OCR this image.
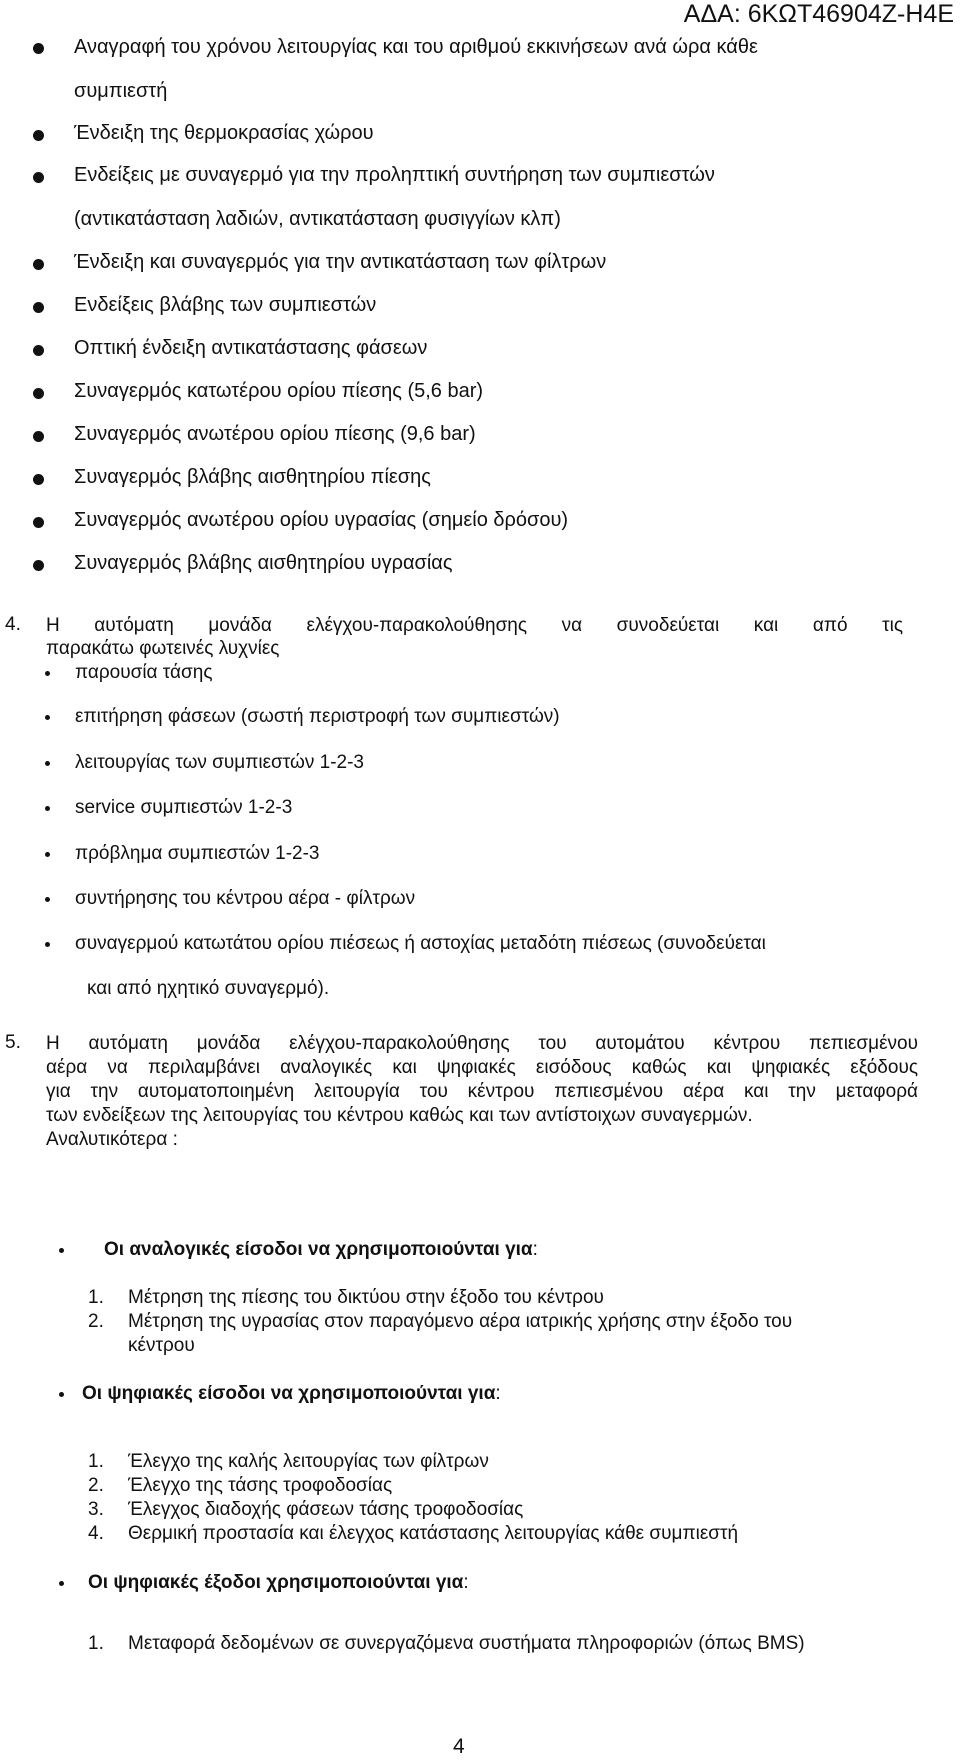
ΑΔΑ: 6ΚΩΤ46904Ζ-Η4Ε
Αναγραφή του χρόνου λειτουργίας και του αριθμού εκκινήσεων ανά ώρα κάθε
συμπιεστή
Ένδειξη της θερμοκρασίας χώρου
Ενδείξεις με συναγερμό για την προληπτική συντήρηση των συμπιεστών
(αντικατάσταση λαδιών, αντικατάσταση φυσιγγίων κλπ)
Ένδειξη και συναγερμός για την αντικατάσταση των φίλτρων
Ενδείξεις βλάβης των συμπιεστών
Οπτική ένδειξη αντικατάστασης φάσεων
Συναγερμός κατωτέρου ορίου πίεσης (5,6 bar)
Συναγερμός ανωτέρου ορίου πίεσης (9,6 bar)
Συναγερμός βλάβης αισθητηρίου πίεσης
Συναγερμός ανωτέρου ορίου υγρασίας (σημείο δρόσου)
Συναγερμός βλάβης αισθητηρίου υγρασίας
4. Η αυτόματη μονάδα ελέγχου-παρακολούθησης να συνοδεύεται και από τις
παρακάτω φωτεινές λυχνίες
παρουσία τάσης
επιτήρηση φάσεων (σωστή περιστροφή των συμπιεστών)
λειτουργίας των συμπιεστών 1-2-3
service συμπιεστών 1-2-3
πρόβλημα συμπιεστών 1-2-3
συντήρησης του κέντρου αέρα - φίλτρων
συναγερμού κατωτάτου ορίου πιέσεως ή αστοχίας μεταδότη πιέσεως (συνοδεύεται
και από ηχητικό συναγερμό).
5. Η αυτόματη μονάδα ελέγχου-παρακολούθησης του αυτομάτου κέντρου πεπιεσμένου
αέρα να περιλαμβάνει αναλογικές και ψηφιακές εισόδους καθώς και ψηφιακές εξόδους
για την αυτοματοποιημένη λειτουργία του κέντρου πεπιεσμένου αέρα και την μεταφορά
των ενδείξεων της λειτουργίας του κέντρου καθώς και των αντίστοιχων συναγερμών.
Αναλυτικότερα :
Οι αναλογικές είσοδοι να χρησιμοποιούνται για:
1. Μέτρηση της πίεσης του δικτύου στην έξοδο του κέντρου
2. Μέτρηση της υγρασίας στον παραγόμενο αέρα ιατρικής χρήσης στην έξοδο του
κέντρου
Οι ψηφιακές είσοδοι να χρησιμοποιούνται για:
1. Έλεγχο της καλής λειτουργίας των φίλτρων
2. Έλεγχο της τάσης τροφοδοσίας
3. Έλεγχος διαδοχής φάσεων τάσης τροφοδοσίας
4. Θερμική προστασία και έλεγχος κατάστασης λειτουργίας κάθε συμπιεστή
Οι ψηφιακές έξοδοι χρησιμοποιούνται για:
1. Μεταφορά δεδομένων σε συνεργαζόμενα συστήματα πληροφοριών (όπως BMS)
4
